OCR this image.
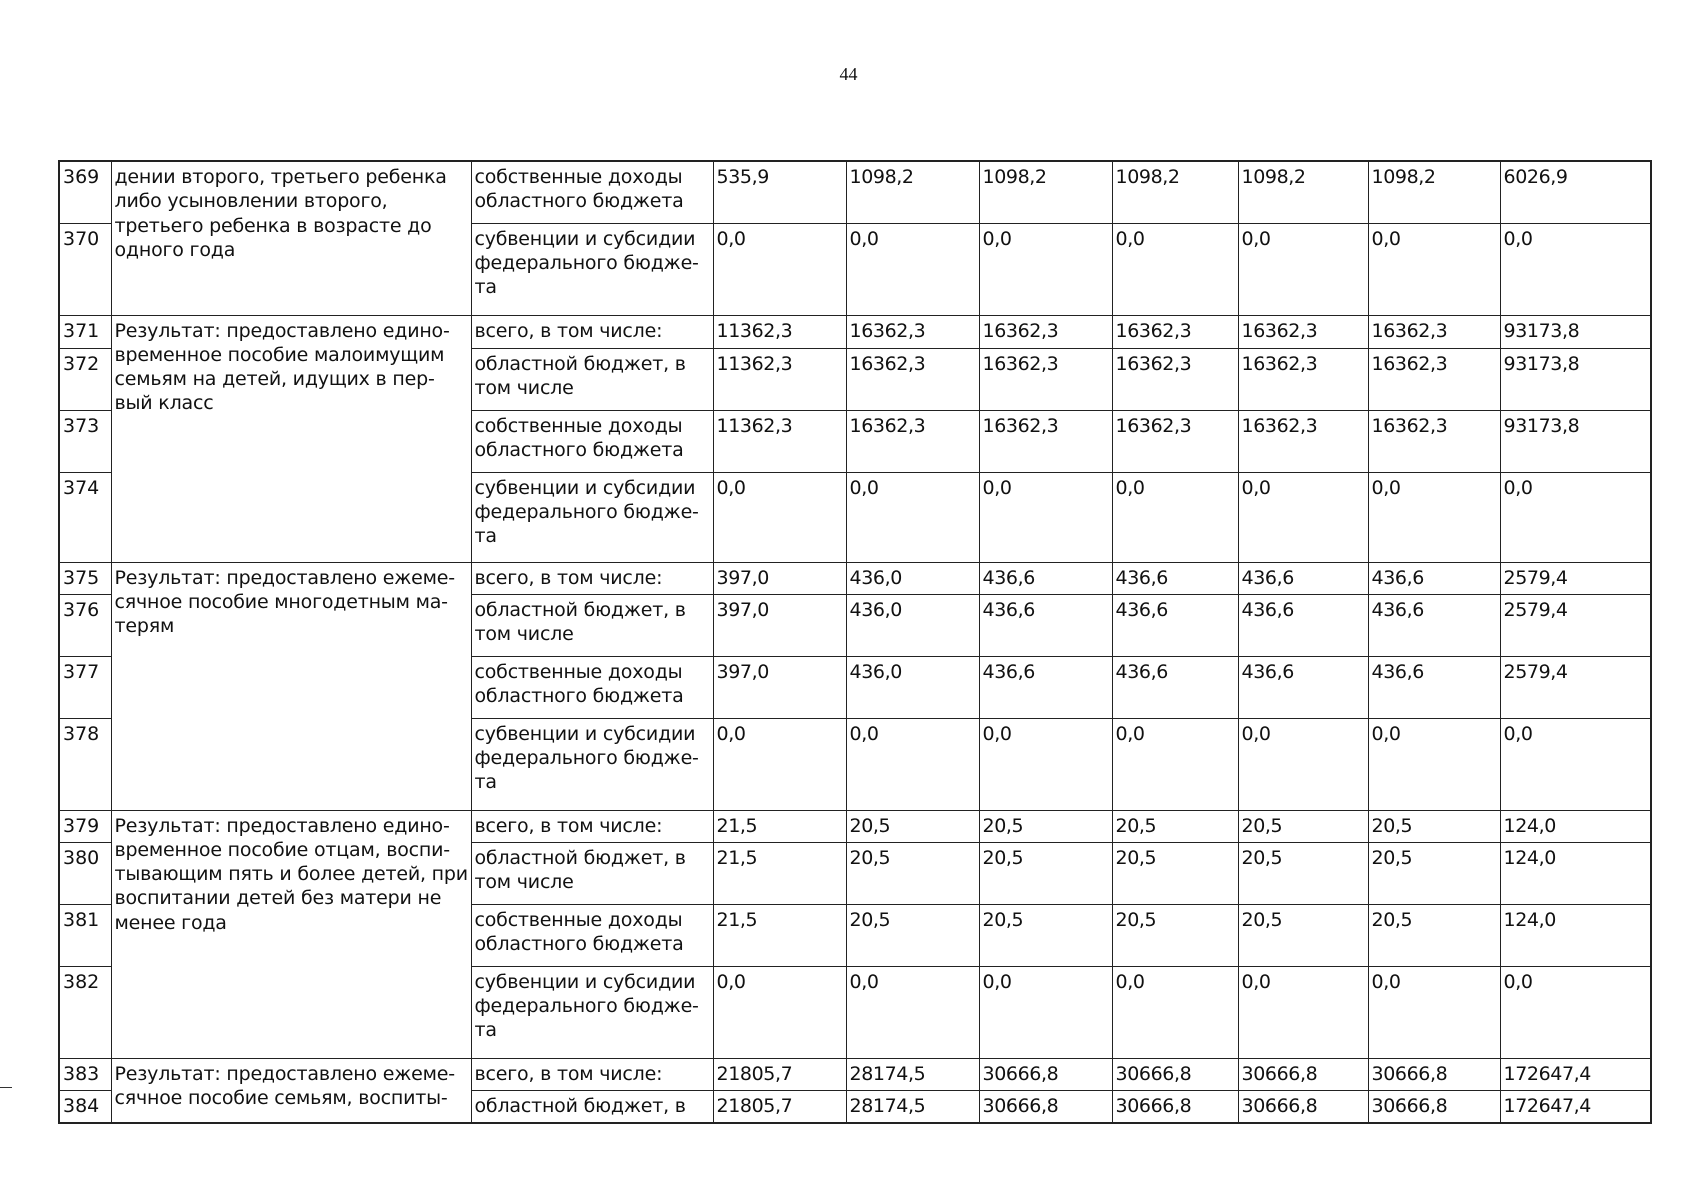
44
369	дении второго, третьего ребенка либо усыновлении второго, третьего ребенка в возрасте до одного года	собственные доходы областного бюджета	535,9	1098,2	1098,2	1098,2	1098,2	1098,2	6026,9
370		субвенции и субсидии федерального бюдже-та	0,0	0,0	0,0	0,0	0,0	0,0	0,0
371	Результат: предоставлено едино-временное пособие малоимущим семьям на детей, идущих в пер-вый класс	всего, в том числе:	11362,3	16362,3	16362,3	16362,3	16362,3	16362,3	93173,8
372		областной бюджет, в том числе	11362,3	16362,3	16362,3	16362,3	16362,3	16362,3	93173,8
373		собственные доходы областного бюджета	11362,3	16362,3	16362,3	16362,3	16362,3	16362,3	93173,8
374		субвенции и субсидии федерального бюдже-та	0,0	0,0	0,0	0,0	0,0	0,0	0,0
375	Результат: предоставлено ежеме-сячное пособие многодетным ма-терям	всего, в том числе:	397,0	436,0	436,6	436,6	436,6	436,6	2579,4
376		областной бюджет, в том числе	397,0	436,0	436,6	436,6	436,6	436,6	2579,4
377		собственные доходы областного бюджета	397,0	436,0	436,6	436,6	436,6	436,6	2579,4
378		субвенции и субсидии федерального бюдже-та	0,0	0,0	0,0	0,0	0,0	0,0	0,0
379	Результат: предоставлено едино-временное пособие отцам, воспи-тывающим пять и более детей, при воспитании детей без матери не менее года	всего, в том числе:	21,5	20,5	20,5	20,5	20,5	20,5	124,0
380		областной бюджет, в том числе	21,5	20,5	20,5	20,5	20,5	20,5	124,0
381		собственные доходы областного бюджета	21,5	20,5	20,5	20,5	20,5	20,5	124,0
382		субвенции и субсидии федерального бюдже-та	0,0	0,0	0,0	0,0	0,0	0,0	0,0
383	Результат: предоставлено ежеме-сячное пособие семьям, воспиты-	всего, в том числе:	21805,7	28174,5	30666,8	30666,8	30666,8	30666,8	172647,4
384		областной бюджет, в	21805,7	28174,5	30666,8	30666,8	30666,8	30666,8	172647,4
